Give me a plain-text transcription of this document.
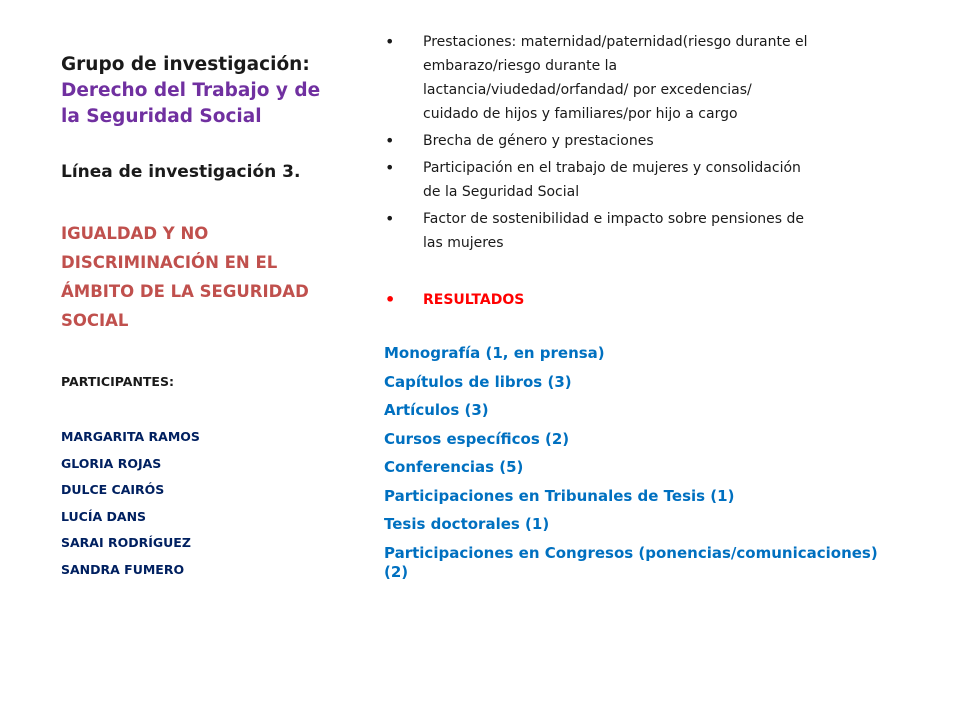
Grupo de investigación:
Derecho del Trabajo y de
la Seguridad Social
Línea de investigación 3.
IGUALDAD Y NO
DISCRIMINACIÓN EN EL
ÁMBITO DE LA SEGURIDAD
SOCIAL
PARTICIPANTES:
MARGARITA RAMOS
GLORIA ROJAS
DULCE CAIRÓS
LUCÍA DANS
SARAI RODRÍGUEZ
SANDRA FUMERO
• Prestaciones: maternidad/paternidad(riesgo durante el
embarazo/riesgo durante la
lactancia/viudedad/orfandad/ por excedencias/
cuidado de hijos y familiares/por hijo a cargo
• Brecha de género y prestaciones
• Participación en el trabajo de mujeres y consolidación
de la Seguridad Social
• Factor de sostenibilidad e impacto sobre pensiones de
las mujeres
• RESULTADOS
Monografía (1, en prensa)
Capítulos de libros (3)
Artículos (3)
Cursos específicos (2)
Conferencias (5)
Participaciones en Tribunales de Tesis (1)
Tesis doctorales (1)
Participaciones en Congresos (ponencias/comunicaciones)
(2)
